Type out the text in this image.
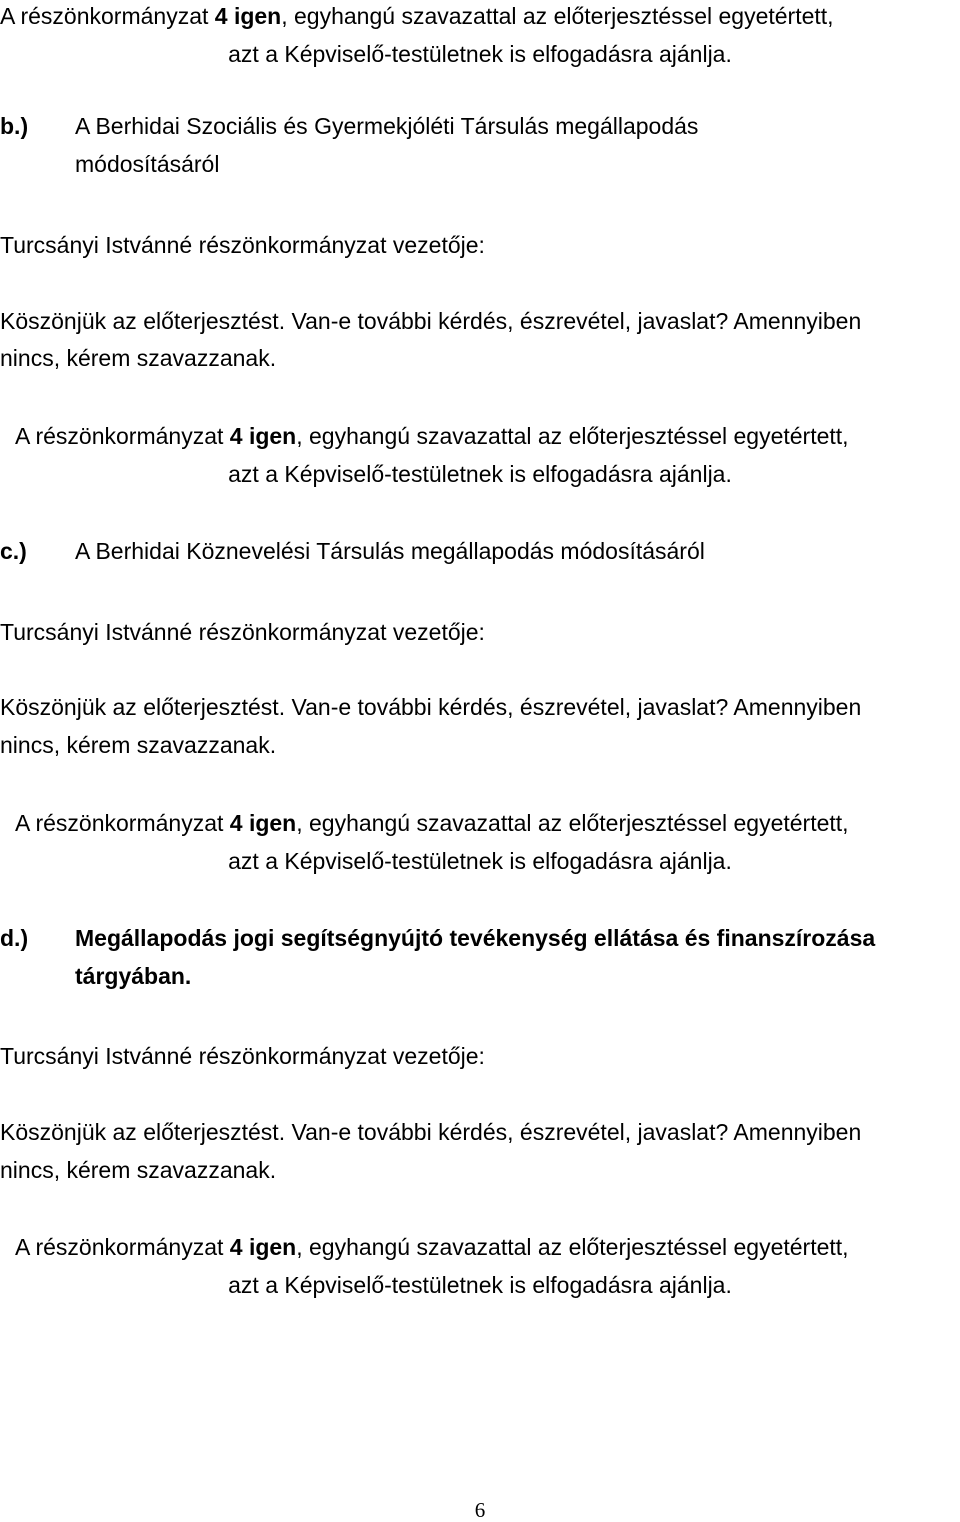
A részönkormányzat 4 igen, egyhangú szavazattal az előterjesztéssel egyetértett,
azt a Képviselő-testületnek is elfogadásra ajánlja.
b.) A Berhidai Szociális és Gyermekjóléti Társulás megállapodás
módosításáról
Turcsányi Istvánné részönkormányzat vezetője:
Köszönjük az előterjesztést. Van-e további kérdés, észrevétel, javaslat? Amennyiben
nincs, kérem szavazzanak.
A részönkormányzat 4 igen, egyhangú szavazattal az előterjesztéssel egyetértett,
azt a Képviselő-testületnek is elfogadásra ajánlja.
c.) A Berhidai Köznevelési Társulás megállapodás módosításáról
Turcsányi Istvánné részönkormányzat vezetője:
Köszönjük az előterjesztést. Van-e további kérdés, észrevétel, javaslat? Amennyiben
nincs, kérem szavazzanak.
A részönkormányzat 4 igen, egyhangú szavazattal az előterjesztéssel egyetértett,
azt a Képviselő-testületnek is elfogadásra ajánlja.
d.) Megállapodás jogi segítségnyújtó tevékenység ellátása és finanszírozása
tárgyában.
Turcsányi Istvánné részönkormányzat vezetője:
Köszönjük az előterjesztést. Van-e további kérdés, észrevétel, javaslat? Amennyiben
nincs, kérem szavazzanak.
A részönkormányzat 4 igen, egyhangú szavazattal az előterjesztéssel egyetértett,
azt a Képviselő-testületnek is elfogadásra ajánlja.
6
